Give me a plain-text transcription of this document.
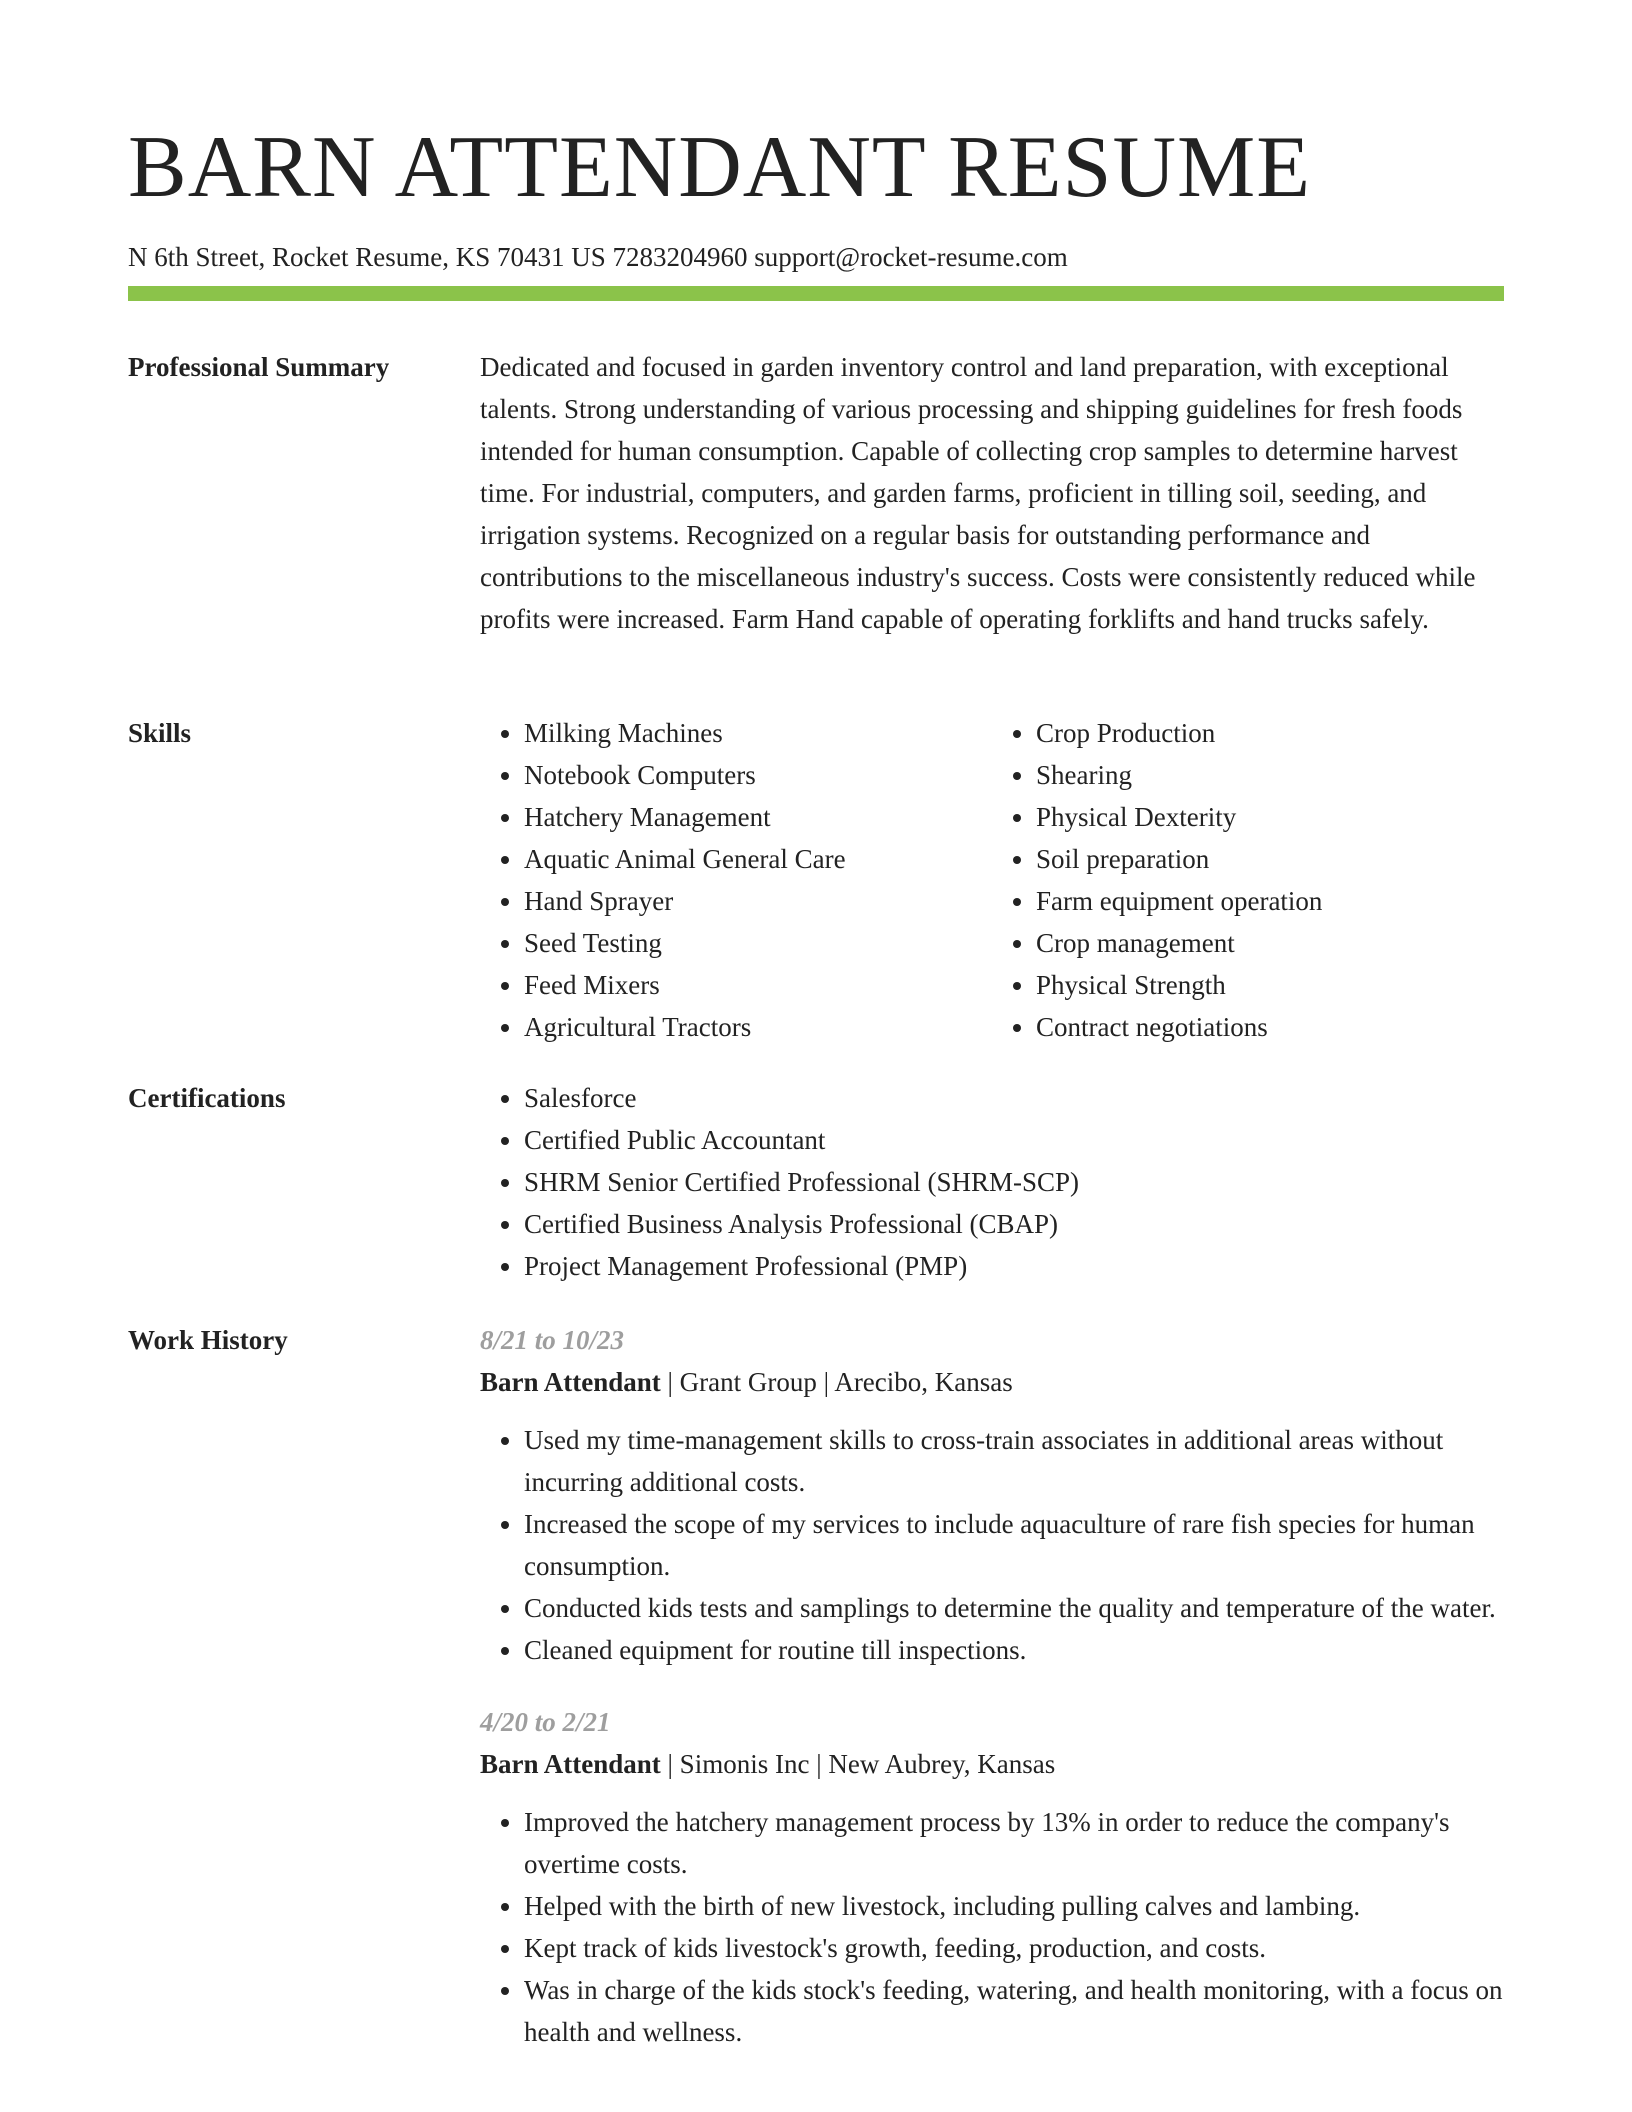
BARN ATTENDANT RESUME
N 6th Street, Rocket Resume, KS 70431 US 7283204960 support@rocket-resume.com
Professional Summary	Dedicated and focused in garden inventory control and land preparation, with exceptional talents. Strong understanding of various processing and shipping guidelines for fresh foods intended for human consumption. Capable of collecting crop samples to determine harvest time. For industrial, computers, and garden farms, proficient in tilling soil, seeding, and irrigation systems. Recognized on a regular basis for outstanding performance and contributions to the miscellaneous industry's success. Costs were consistently reduced while profits were increased. Farm Hand capable of operating forklifts and hand trucks safely.

Skills	• Milking Machines
• Notebook Computers
• Hatchery Management
• Aquatic Animal General Care
• Hand Sprayer
• Seed Testing
• Feed Mixers
• Agricultural Tractors
• Crop Production
• Shearing
• Physical Dexterity
• Soil preparation
• Farm equipment operation
• Crop management
• Physical Strength
• Contract negotiations
Certifications	• Salesforce
• Certified Public Accountant
• SHRM Senior Certified Professional (SHRM-SCP)
• Certified Business Analysis Professional (CBAP)
• Project Management Professional (PMP)
Work History	8/21 to 10/23
Barn Attendant | Grant Group | Arecibo, Kansas
• Used my time-management skills to cross-train associates in additional areas without incurring additional costs.
• Increased the scope of my services to include aquaculture of rare fish species for human consumption.
• Conducted kids tests and samplings to determine the quality and temperature of the water.
• Cleaned equipment for routine till inspections.
4/20 to 2/21
Barn Attendant | Simonis Inc | New Aubrey, Kansas
• Improved the hatchery management process by 13% in order to reduce the company's overtime costs.
• Helped with the birth of new livestock, including pulling calves and lambing.
• Kept track of kids livestock's growth, feeding, production, and costs.
• Was in charge of the kids stock's feeding, watering, and health monitoring, with a focus on health and wellness.
